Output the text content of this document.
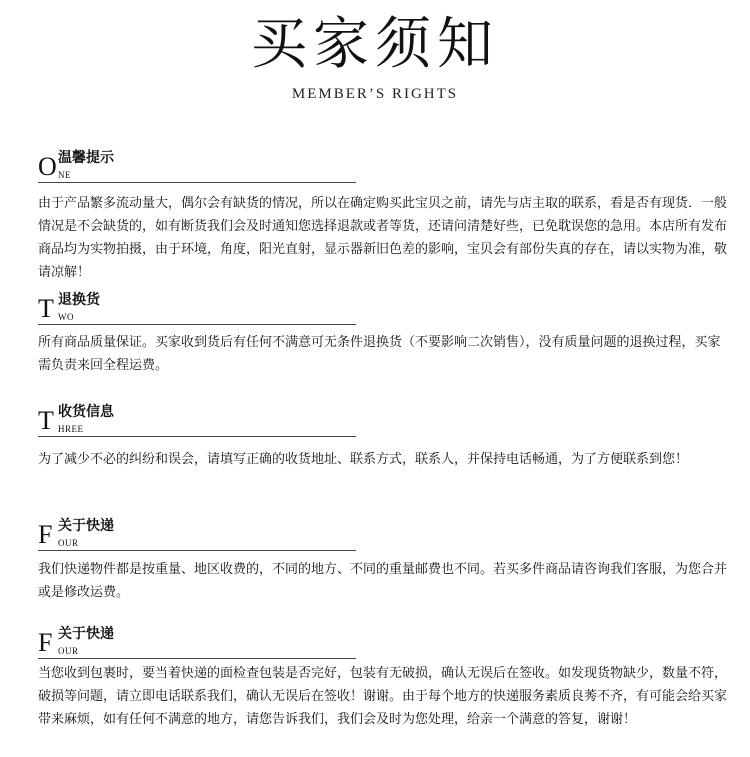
买家须知
MEMBER’S RIGHTS
O 温馨提示
NE
由于产品繁多流动量大，偶尔会有缺货的情况，所以在确定购买此宝贝之前，请先与店主取的联系，看是否有现货．一般情况是不会缺货的，如有断货我们会及时通知您选择退款或者等货，还请问清楚好些，已免耽误您的急用。本店所有发布商品均为实物拍摄，由于环境，角度，阳光直射，显示器新旧色差的影响，宝贝会有部份失真的存在，请以实物为准，敬请凉解！
T 退换货
WO
所有商品质量保证。买家收到货后有任何不满意可无条件退换货（不要影响二次销售），没有质量问题的退换过程，买家需负责来回全程运费。
T 收货信息
HREE
为了减少不必的纠纷和误会，请填写正确的收货地址、联系方式，联系人，并保持电话畅通，为了方便联系到您！
F 关于快递
OUR
我们快递物件都是按重量、地区收费的，不同的地方、不同的重量邮费也不同。若买多件商品请咨询我们客服，为您合并或是修改运费。
F 关于快递
OUR
当您收到包裹时，要当着快递的面检查包装是否完好，包装有无破损，确认无误后在签收。如发现货物缺少，数量不符，破损等问题，请立即电话联系我们，确认无误后在签收！谢谢。由于每个地方的快递服务素质良莠不齐，有可能会给买家带来麻烦，如有任何不满意的地方，请您告诉我们，我们会及时为您处理，给亲一个满意的答复，谢谢！
